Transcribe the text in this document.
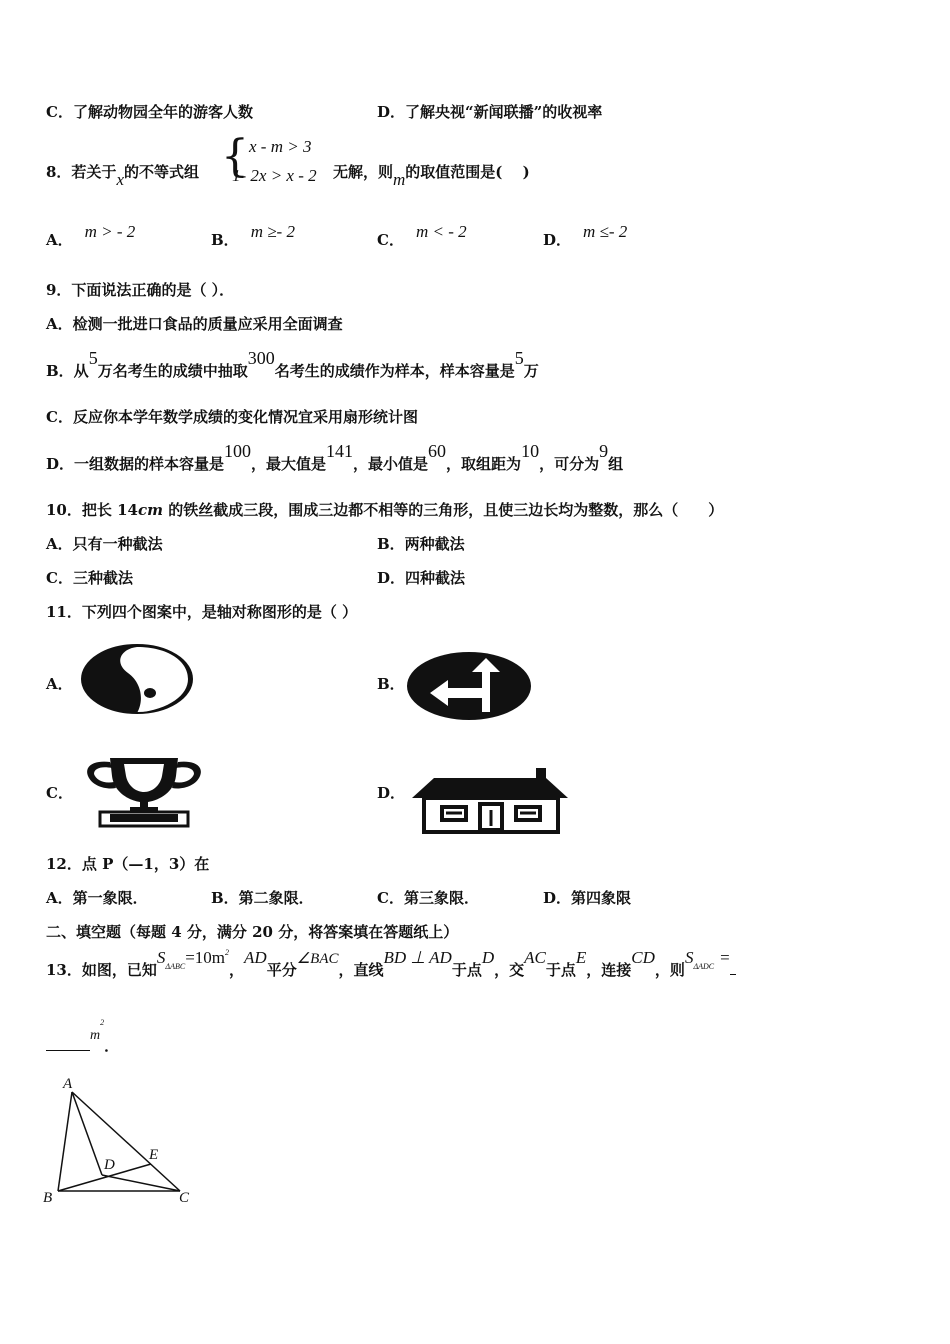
C．了解动物园全年的游客人数	D．了解央视“新闻联播”的收视率
8．若关于x的不等式组 { x - m > 3
1- 2x > x - 2 无解，则m的取值范围是(　 )
A． m > - 2	B． m ≥- 2	C． m < - 2	D． m ≤- 2
9．下面说法正确的是（ ）．
A．检测一批进口食品的质量应采用全面调查
B．从5万名考生的成绩中抽取300名考生的成绩作为样本，样本容量是5万
C．反应你本学年数学成绩的变化情况宜采用扇形统计图
D．一组数据的样本容量是100，最大值是141，最小值是60，取组距为10，可分为9组
10．把长 14cm 的铁丝截成三段，围成三边都不相等的三角形，且使三边长均为整数，那么（　　）
A．只有一种截法	B．两种截法
C．三种截法	D．四种截法
11．下列四个图案中，是轴对称图形的是（ ）
A．	B．
C．	D．
12．点 P（—1，3）在
A．第一象限．	B．第二象限．	C．第三象限．	D．第四象限
二、填空题（每题 4 分，满分 20 分，将答案填在答题纸上）
13．如图，已知$S^{\Delta ABC}=10m^2$，AD平分∠BAC，直线BD ⊥ AD于点D，交AC于点E，连接CD，则$S^{\Delta ADC}$ =
$m^2$．
A
B	C
D
E
